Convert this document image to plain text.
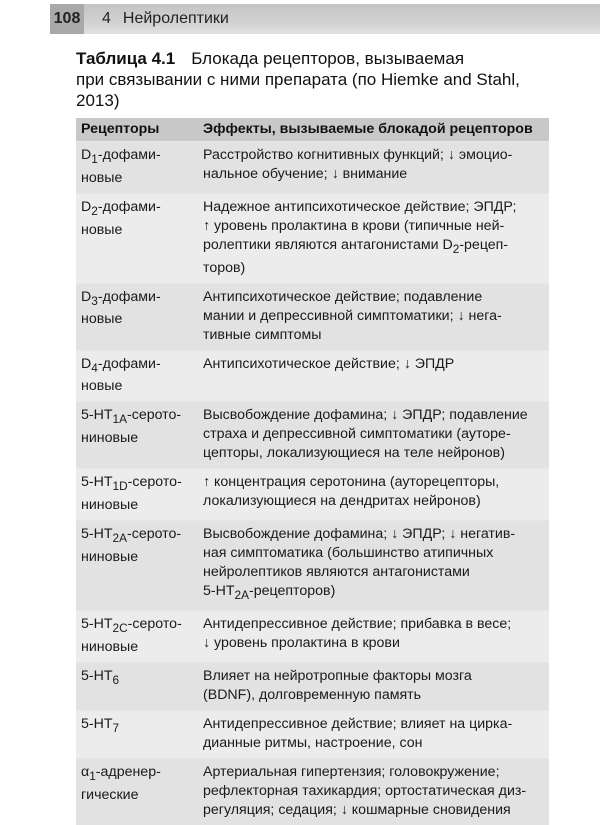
108 4 Нейролептики
Таблица 4.1 Блокада рецепторов, вызываемая
при связывании с ними препарата (по Hiemke and Stahl,
2013)
Рецепторы	Эффекты, вызываемые блокадой рецепторов

$D_1-дофами-$
новые	Расстройство когнитивных функций; ↓ эмоцио-
нальное обучение; ↓ внимание

$D_2-дофами-$
новые	Надежное антипсихотическое действие; ЭПДР;
↑ уровень пролактина в крови (типичные ней-
ролептики являются антагонистами $D_2-рецеп-$
торов)

$D_3-дофами-$
новые	Антипсихотическое действие; подавление
мании и депрессивной симптоматики; ↓ нега-
тивные симптомы

$D_4-дофами-$
новые	Антипсихотическое действие; ↓ ЭПДР

$5-HT_{1A}-серото-$
ниновые	Высвобождение дофамина; ↓ ЭПДР; подавление
страха и депрессивной симптоматики (ауторе-
цепторы, локализующиеся на теле нейронов)

$5-HT_{1D}-серото-$
ниновые	↑ концентрация серотонина (ауторецепторы,
локализующиеся на дендритах нейронов)

$5-HT_{2A}-серото-$
ниновые	Высвобождение дофамина; ↓ ЭПДР; ↓ негатив-
ная симптоматика (большинство атипичных
нейролептиков являются антагонистами
$5-HT_{2A}-рецепторов$)

$5-HT_{2C}-серото-$
ниновые	Антидепрессивное действие; прибавка в весе;
↓ уровень пролактина в крови

$5-HT_6$	Влияет на нейротропные факторы мозга
(BDNF), долговременную память

$5-HT_7$	Антидепрессивное действие; влияет на цирка-
дианные ритмы, настроение, сон

$\alpha_1-адренер-$
гические	Артериальная гипертензия; головокружение;
рефлекторная тахикардия; ортостатическая диз-
регуляция; седация; ↓ кошмарные сновидения
